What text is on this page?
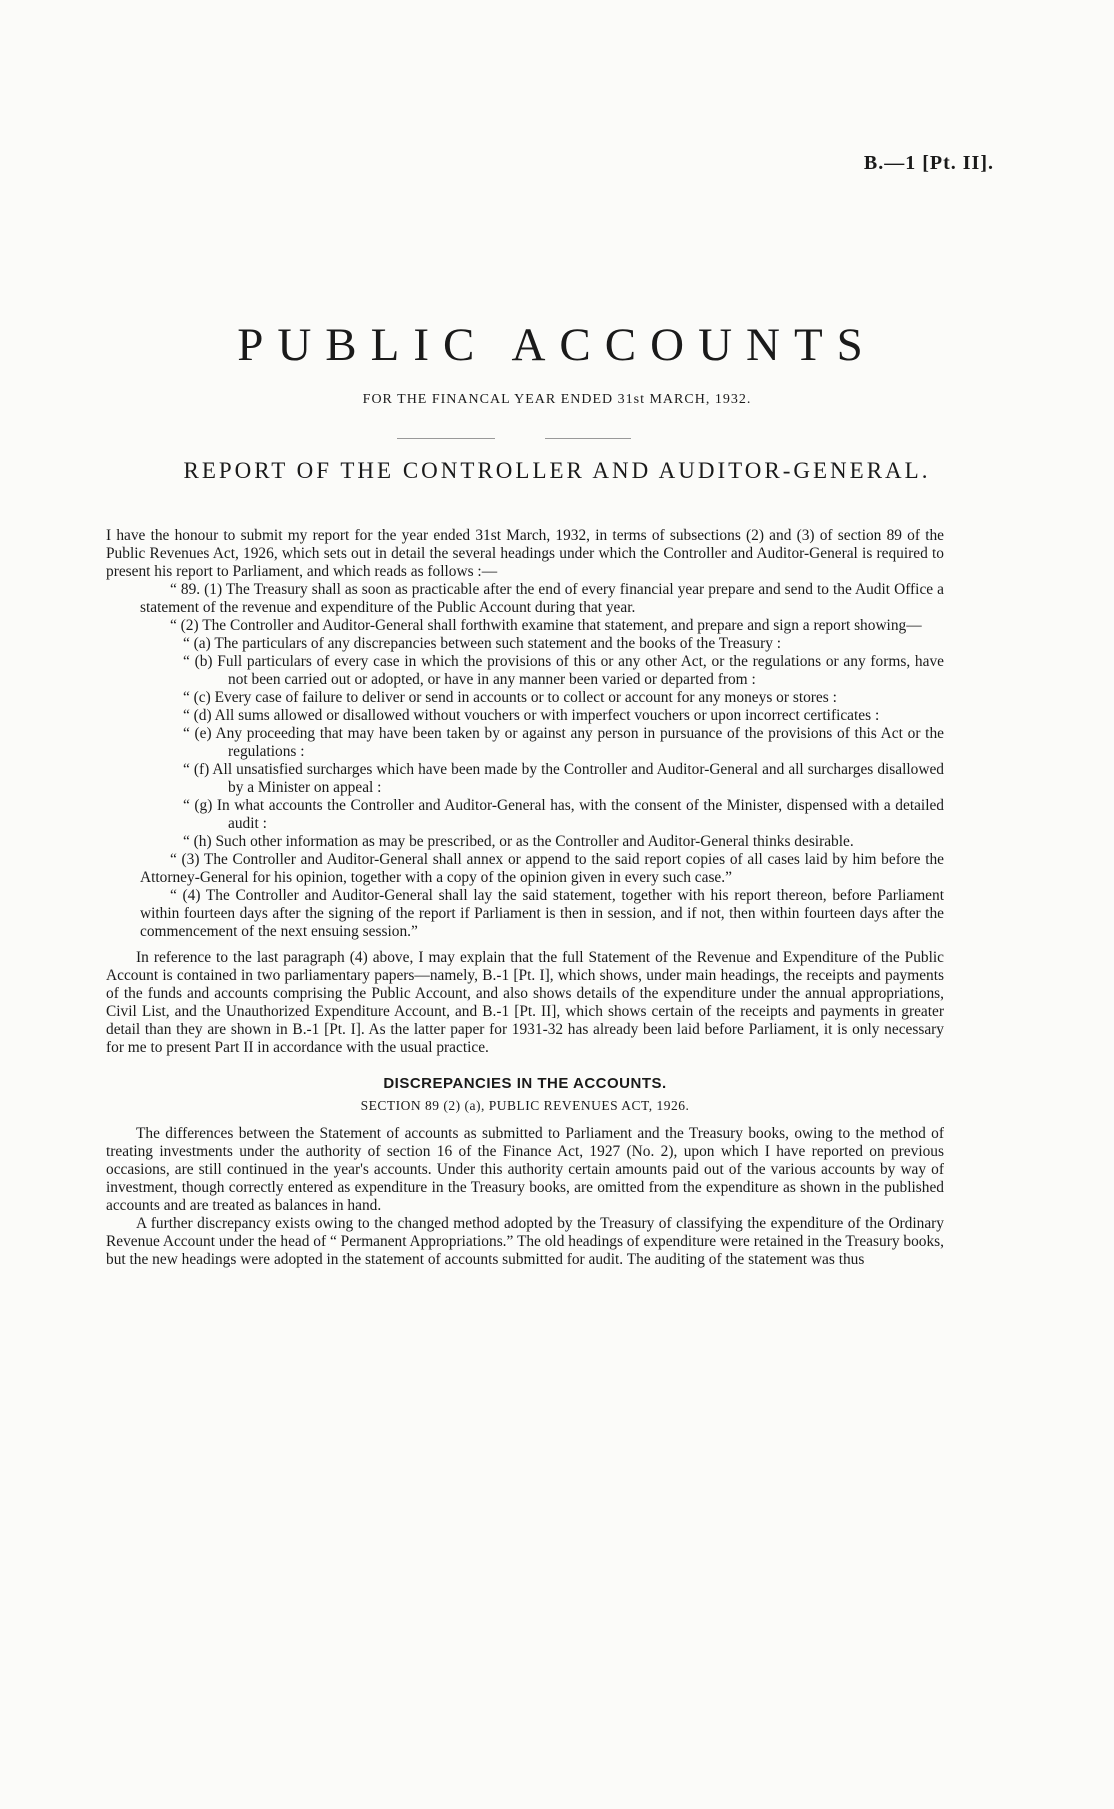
B.—1 [Pt. II].
PUBLIC ACCOUNTS
FOR THE FINANCAL YEAR ENDED 31st MARCH, 1932.
REPORT OF THE CONTROLLER AND AUDITOR-GENERAL.

I have the honour to submit my report for the year ended 31st March, 1932, in terms of subsections (2) and (3) of section 89 of the Public Revenues Act, 1926, which sets out in detail the several headings under which the Controller and Auditor-General is required to present his report to Parliament, and which reads as follows :—

“ 89. (1) The Treasury shall as soon as practicable after the end of every financial year prepare and send to the Audit Office a statement of the revenue and expenditure of the Public Account during that year.

“ (2) The Controller and Auditor-General shall forthwith examine that statement, and prepare and sign a report showing—

“ (a) The particulars of any discrepancies between such statement and the books of the Treasury :

“ (b) Full particulars of every case in which the provisions of this or any other Act, or the regulations or any forms, have not been carried out or adopted, or have in any manner been varied or departed from :

“ (c) Every case of failure to deliver or send in accounts or to collect or account for any moneys or stores :

“ (d) All sums allowed or disallowed without vouchers or with imperfect vouchers or upon incorrect certificates :

“ (e) Any proceeding that may have been taken by or against any person in pursuance of the provisions of this Act or the regulations :

“ (f) All unsatisfied surcharges which have been made by the Controller and Auditor-General and all surcharges disallowed by a Minister on appeal :

“ (g) In what accounts the Controller and Auditor-General has, with the consent of the Minister, dispensed with a detailed audit :

“ (h) Such other information as may be prescribed, or as the Controller and Auditor-General thinks desirable.

“ (3) The Controller and Auditor-General shall annex or append to the said report copies of all cases laid by him before the Attorney-General for his opinion, together with a copy of the opinion given in every such case.”

“ (4) The Controller and Auditor-General shall lay the said statement, together with his report thereon, before Parliament within fourteen days after the signing of the report if Parliament is then in session, and if not, then within fourteen days after the commencement of the next ensuing session.”

In reference to the last paragraph (4) above, I may explain that the full Statement of the Revenue and Expenditure of the Public Account is contained in two parliamentary papers—namely, B.-1 [Pt. I], which shows, under main headings, the receipts and payments of the funds and accounts comprising the Public Account, and also shows details of the expenditure under the annual appropriations, Civil List, and the Unauthorized Expenditure Account, and B.-1 [Pt. II], which shows certain of the receipts and payments in greater detail than they are shown in B.-1 [Pt. I]. As the latter paper for 1931-32 has already been laid before Parliament, it is only necessary for me to present Part II in accordance with the usual practice.

DISCREPANCIES IN THE ACCOUNTS.
SECTION 89 (2) (a), PUBLIC REVENUES ACT, 1926.

The differences between the Statement of accounts as submitted to Parliament and the Treasury books, owing to the method of treating investments under the authority of section 16 of the Finance Act, 1927 (No. 2), upon which I have reported on previous occasions, are still continued in the year's accounts. Under this authority certain amounts paid out of the various accounts by way of investment, though correctly entered as expenditure in the Treasury books, are omitted from the expenditure as shown in the published accounts and are treated as balances in hand.

A further discrepancy exists owing to the changed method adopted by the Treasury of classifying the expenditure of the Ordinary Revenue Account under the head of “ Permanent Appropriations.” The old headings of expenditure were retained in the Treasury books, but the new headings were adopted in the statement of accounts submitted for audit. The auditing of the statement was thus
